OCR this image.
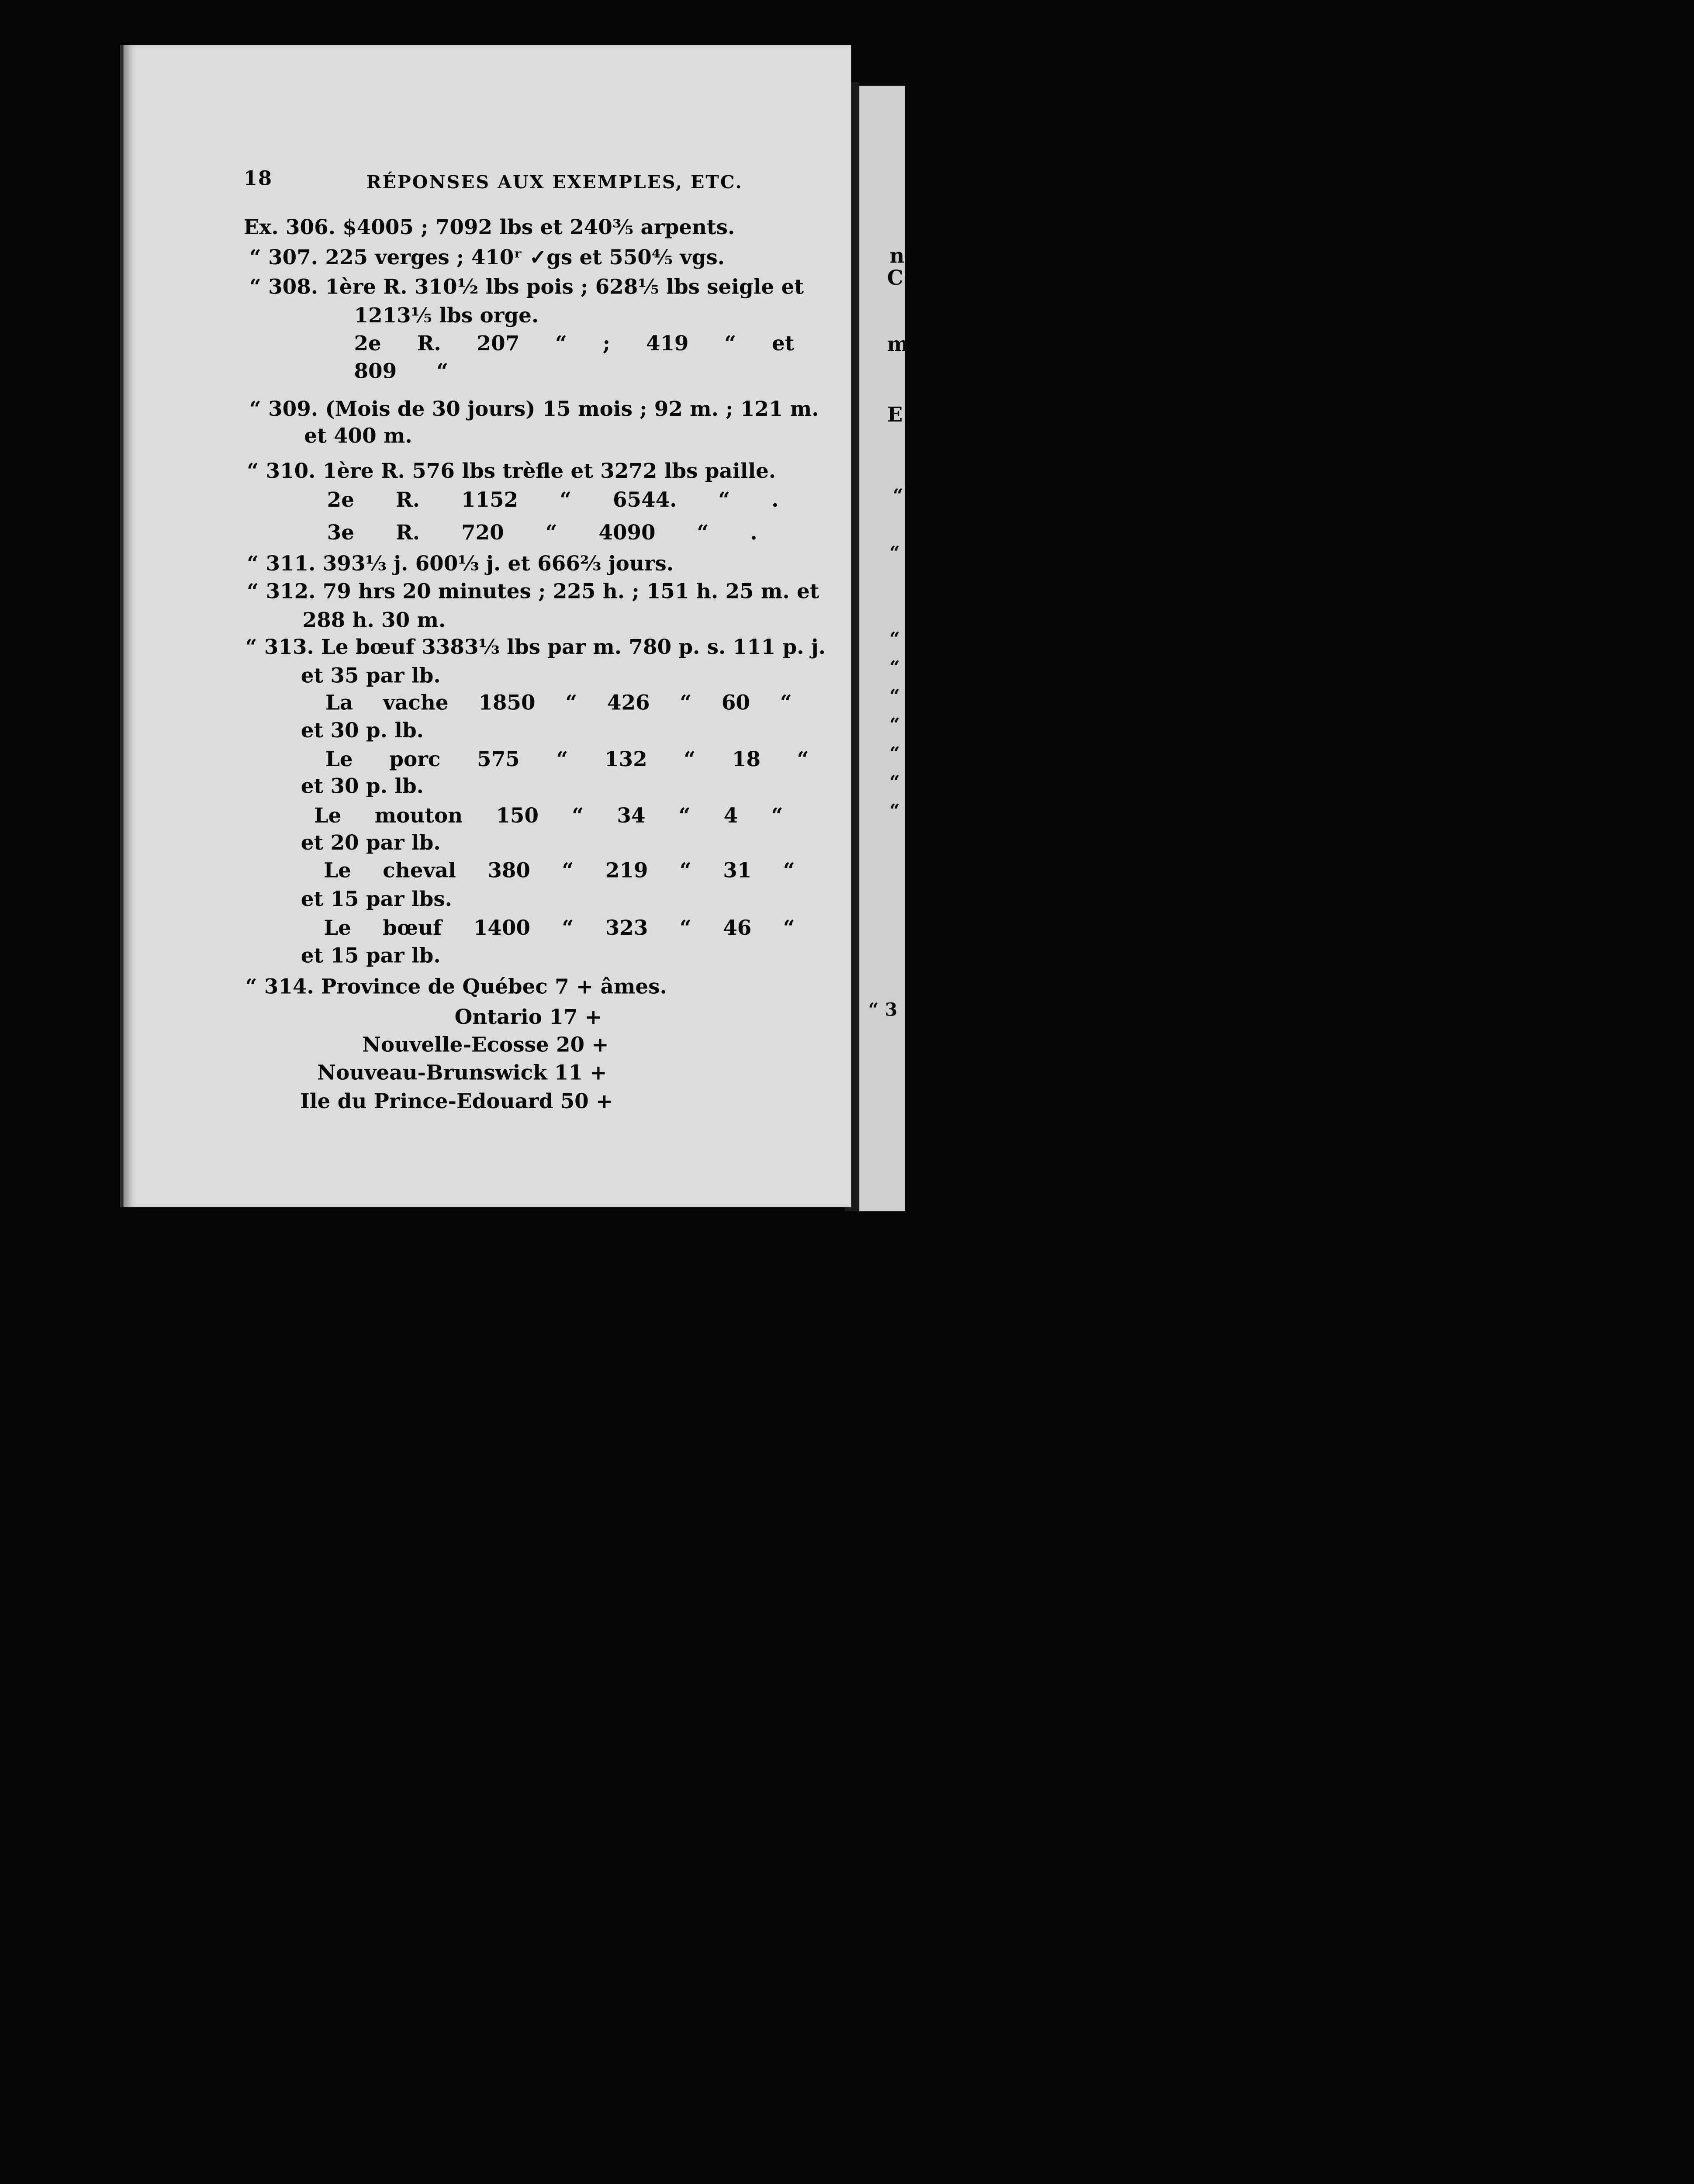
n
C
m
E
“
“
“
“
“
“
“
“
“
“ 3
18	RÉPONSES AUX EXEMPLES, ETC.
Ex. 306. $4005 ; 7092 lbs et 240⅗ arpents.
“ 307. 225 verges ; 410ʳ ✓gs et 550⅘ vgs.
“ 308. 1ère R. 310½ lbs pois ; 628⅕ lbs seigle et
1213⅕ lbs orge.
2e R. 207 “ ; 419 “ et
809 “
“ 309. (Mois de 30 jours) 15 mois ; 92 m. ; 121 m.
et 400 m.
“ 310. 1ère R. 576 lbs trèfle et 3272 lbs paille.
2e R. 1152 “ 6544. “ .
3e R. 720 “ 4090 “ .
“ 311. 393⅓ j. 600⅓ j. et 666⅔ jours.
“ 312. 79 hrs 20 minutes ; 225 h. ; 151 h. 25 m. et
288 h. 30 m.
“ 313. Le bœuf 3383⅓ lbs par m. 780 p. s. 111 p. j.
et 35 par lb.
La vache 1850 “ 426 “ 60 “
et 30 p. lb.
Le porc 575 “ 132 “ 18 “
et 30 p. lb.
Le mouton 150 “ 34 “ 4 “
et 20 par lb.
Le cheval 380 “ 219 “ 31 “
et 15 par lbs.
Le bœuf 1400 “ 323 “ 46 “
et 15 par lb.
“ 314. Province de Québec 7 + âmes.
Ontario 17 +
Nouvelle-Ecosse 20 +
Nouveau-Brunswick 11 +
Ile du Prince-Edouard 50 +
